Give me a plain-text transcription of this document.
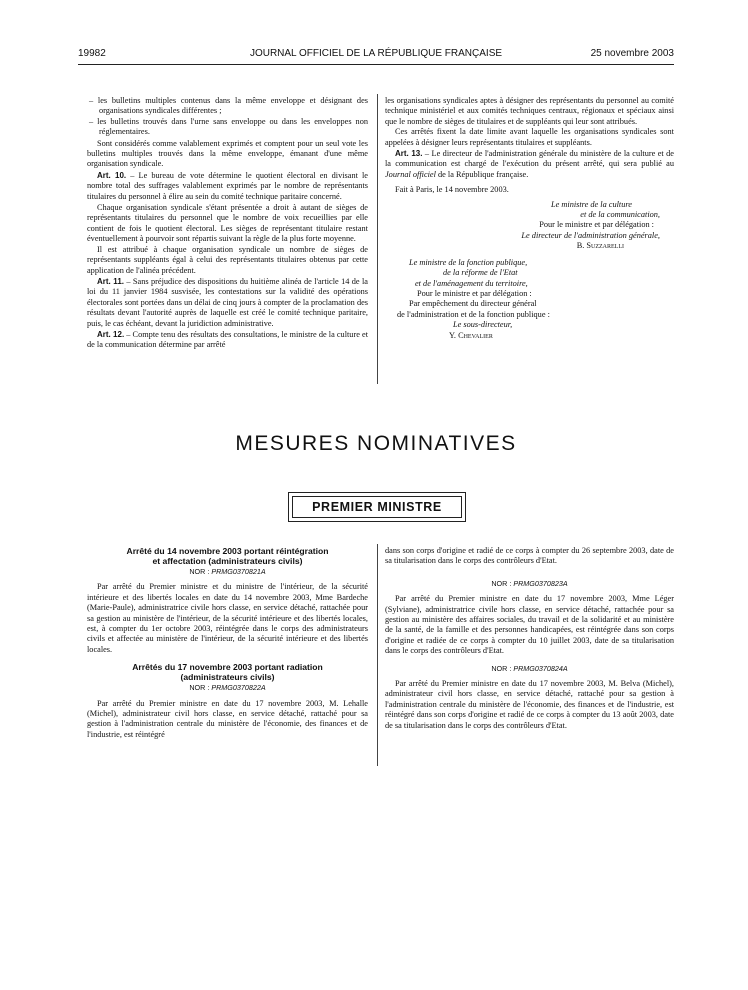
19982	JOURNAL OFFICIEL DE LA RÉPUBLIQUE FRANÇAISE	25 novembre 2003

– les bulletins multiples contenus dans la même enveloppe et désignant des organisations syndicales différentes ;

– les bulletins trouvés dans l'urne sans enveloppe ou dans les enveloppes non réglementaires.

Sont considérés comme valablement exprimés et comptent pour un seul vote les bulletins multiples trouvés dans la même enveloppe, émanant d'une même organisation syndicale.

Art. 10. – Le bureau de vote détermine le quotient électoral en divisant le nombre total des suffrages valablement exprimés par le nombre de représentants titulaires du personnel à élire au sein du comité technique paritaire concerné.

Chaque organisation syndicale s'étant présentée a droit à autant de sièges de représentants titulaires du personnel que le nombre de voix recueillies par elle contient de fois le quotient électoral. Les sièges de représentant titulaire restant éventuellement à pourvoir sont répartis suivant la règle de la plus forte moyenne.

Il est attribué à chaque organisation syndicale un nombre de sièges de représentants suppléants égal à celui des représentants titulaires obtenus par cette application de l'alinéa précédent.

Art. 11. – Sans préjudice des dispositions du huitième alinéa de l'article 14 de la loi du 11 janvier 1984 susvisée, les contestations sur la validité des opérations électorales sont portées dans un délai de cinq jours à compter de la proclamation des résultats devant l'autorité auprès de laquelle est créé le comité technique paritaire, puis, le cas échéant, devant la juridiction administrative.

Art. 12. – Compte tenu des résultats des consultations, le ministre de la culture et de la communication détermine par arrêté

les organisations syndicales aptes à désigner des représentants du personnel au comité technique ministériel et aux comités techniques centraux, régionaux et spéciaux ainsi que le nombre de sièges de titulaires et de suppléants qui leur sont attribués.

Ces arrêtés fixent la date limite avant laquelle les organisations syndicales sont appelées à désigner leurs représentants titulaires et suppléants.

Art. 13. – Le directeur de l'administration générale du ministère de la culture et de la communication est chargé de l'exécution du présent arrêté, qui sera publié au Journal officiel de la République française.

Fait à Paris, le 14 novembre 2003.

Le ministre de la culture
et de la communication,
Pour le ministre et par délégation :
Le directeur de l'administration générale,
B. Suzzarelli
Le ministre de la fonction publique,
de la réforme de l'Etat
et de l'aménagement du territoire,
Pour le ministre et par délégation :
Par empêchement du directeur général
de l'administration et de la fonction publique :
Le sous-directeur,
Y. Chevalier
MESURES NOMINATIVES
PREMIER MINISTRE

Arrêté du 14 novembre 2003 portant réintégration
et affectation (administrateurs civils)

NOR : PRMG0370821A

Par arrêté du Premier ministre et du ministre de l'intérieur, de la sécurité intérieure et des libertés locales en date du 14 novembre 2003, Mme Bardeche (Marie-Paule), administratrice civile hors classe, en service détaché, rattachée pour sa gestion au ministère de l'intérieur, de la sécurité intérieure et des libertés locales, est, à compter du 1er octobre 2003, réintégrée dans le corps des administrateurs civils et affectée au ministère de l'intérieur, de la sécurité intérieure et des libertés locales.

Arrêtés du 17 novembre 2003 portant radiation
(administrateurs civils)

NOR : PRMG0370822A

Par arrêté du Premier ministre en date du 17 novembre 2003, M. Lehalle (Michel), administrateur civil hors classe, en service détaché, rattaché pour sa gestion à l'administration centrale du ministère de l'économie, des finances et de l'industrie, est réintégré

dans son corps d'origine et radié de ce corps à compter du 26 septembre 2003, date de sa titularisation dans le corps des contrôleurs d'Etat.

NOR : PRMG0370823A

Par arrêté du Premier ministre en date du 17 novembre 2003, Mme Léger (Sylviane), administratrice civile hors classe, en service détaché, rattachée pour sa gestion au ministère des affaires sociales, du travail et de la solidarité et au ministère de la santé, de la famille et des personnes handicapées, est réintégrée dans son corps d'origine et radiée de ce corps à compter du 10 juillet 2003, date de sa titularisation dans le corps des contrôleurs d'Etat.

NOR : PRMG0370824A

Par arrêté du Premier ministre en date du 17 novembre 2003, M. Belva (Michel), administrateur civil hors classe, en service détaché, rattaché pour sa gestion à l'administration centrale du ministère de l'économie, des finances et de l'industrie, est réintégré dans son corps d'origine et radié de ce corps à compter du 13 août 2003, date de sa titularisation dans le corps des contrôleurs d'Etat.
